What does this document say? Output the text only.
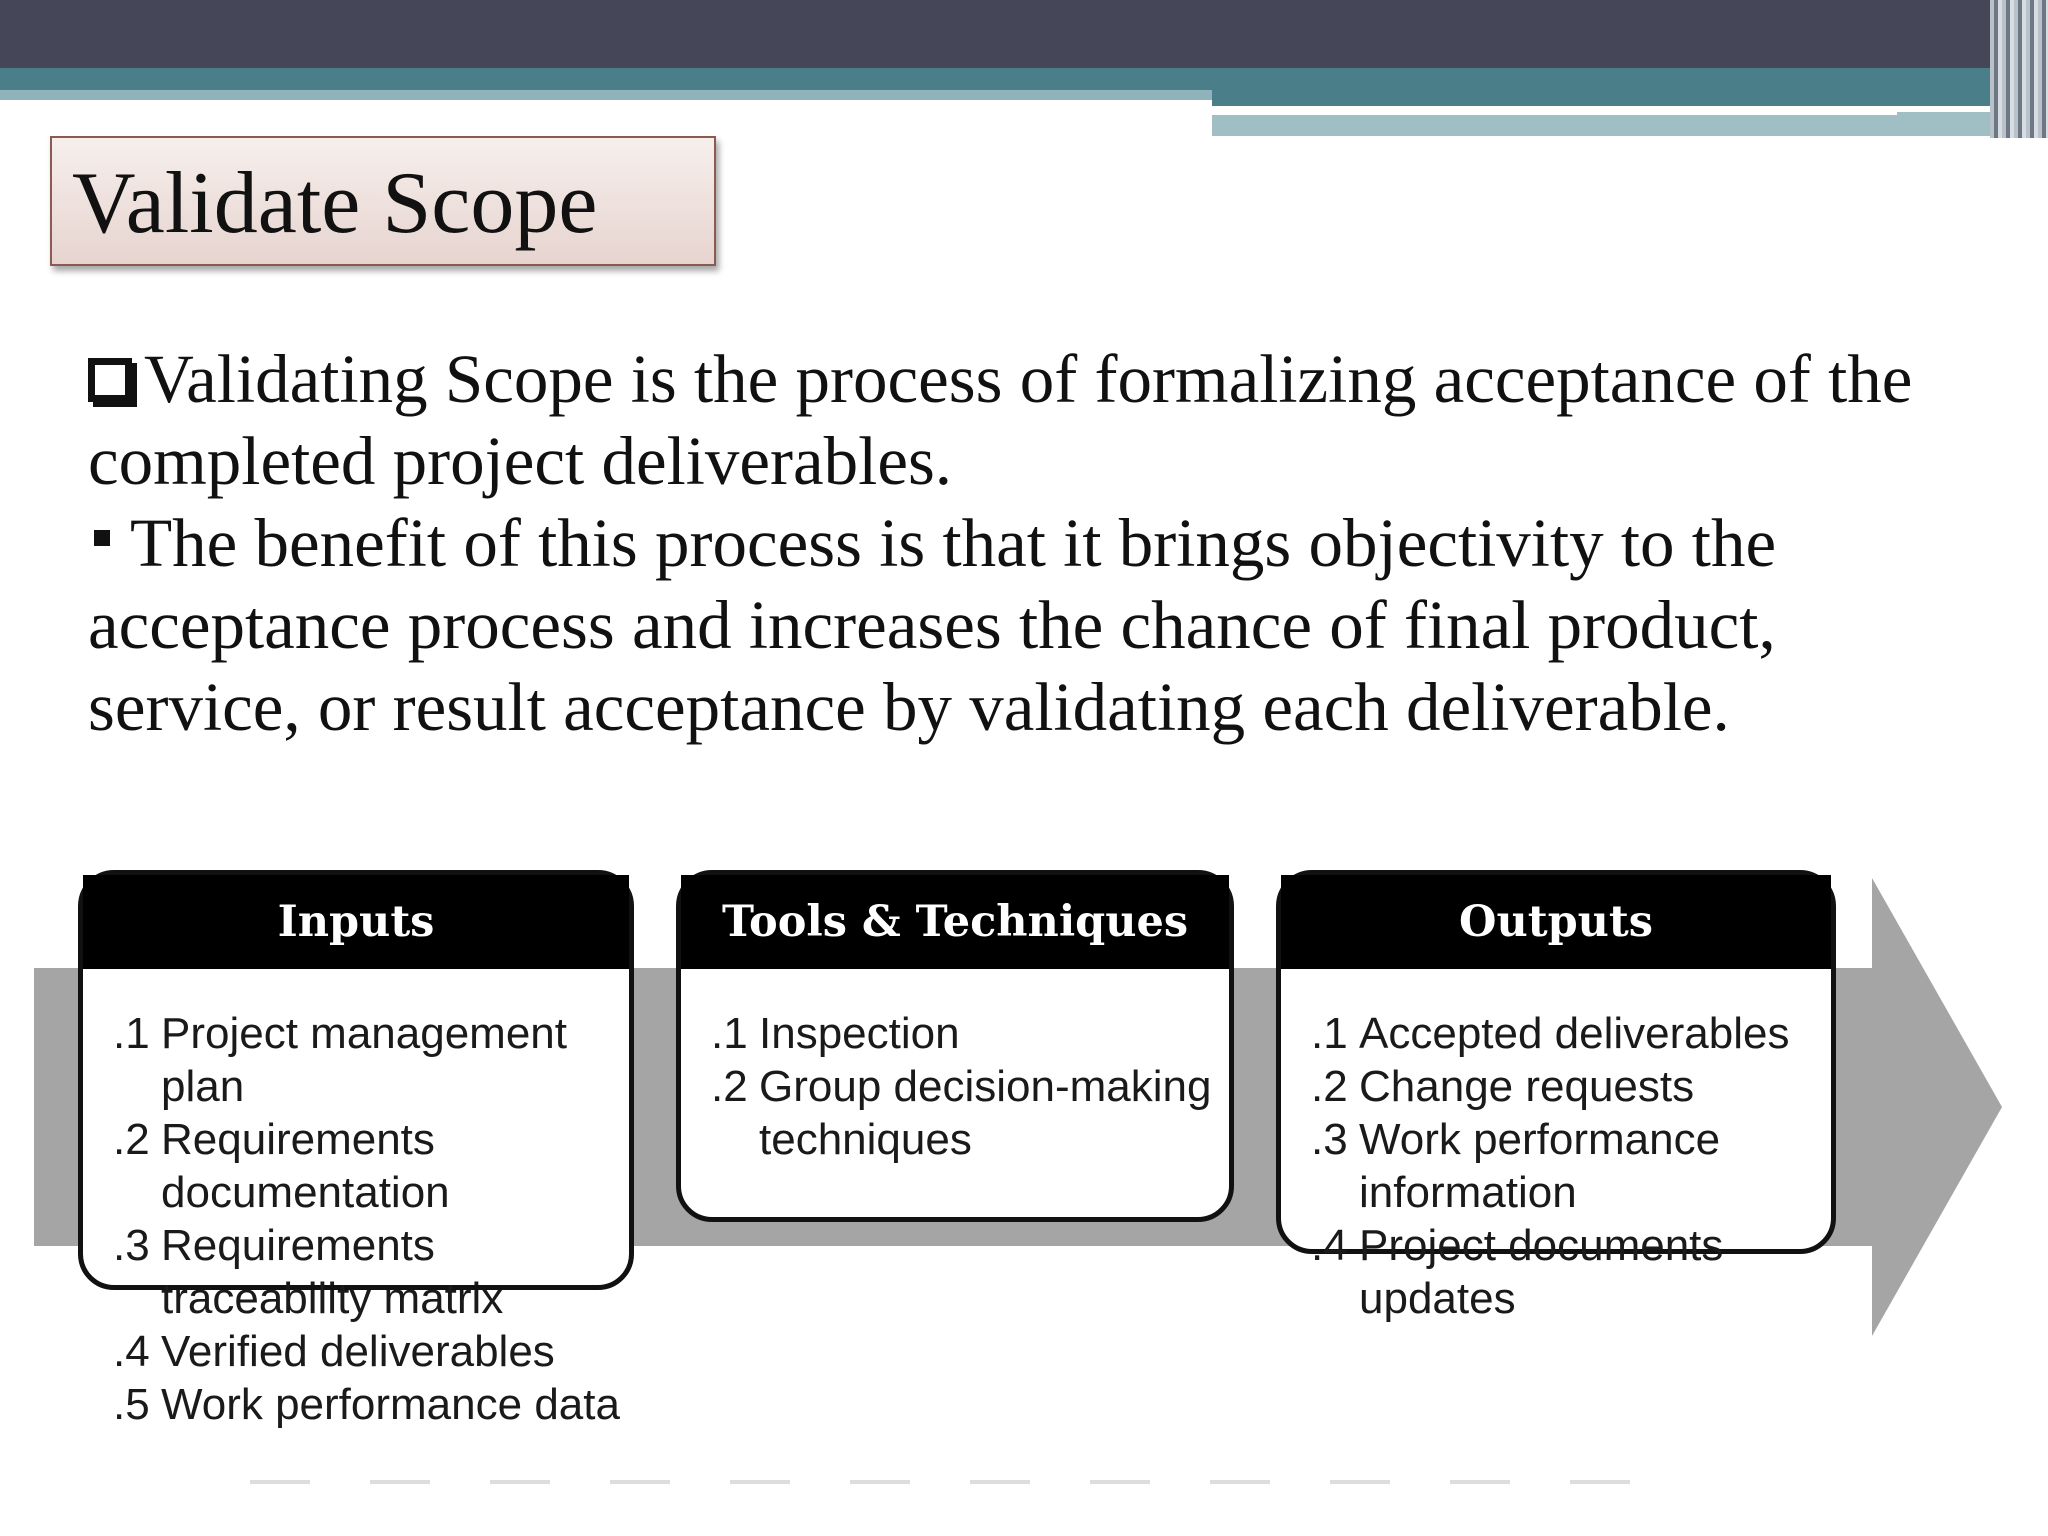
Validate Scope

Validating Scope is the process of formalizing acceptance of the completed project deliverables.

The benefit of this process is that it brings objectivity to the acceptance process and increases the chance of final product, service, or result acceptance by validating each deliverable.

Inputs
.1 Project management plan
.2 Requirements documentation
.3 Requirements traceability matrix
.4 Verified deliverables
.5 Work performance data
Tools & Techniques
.1 Inspection
.2 Group decision-making techniques
Outputs
.1 Accepted deliverables
.2 Change requests
.3 Work performance information
.4 Project documents updates
